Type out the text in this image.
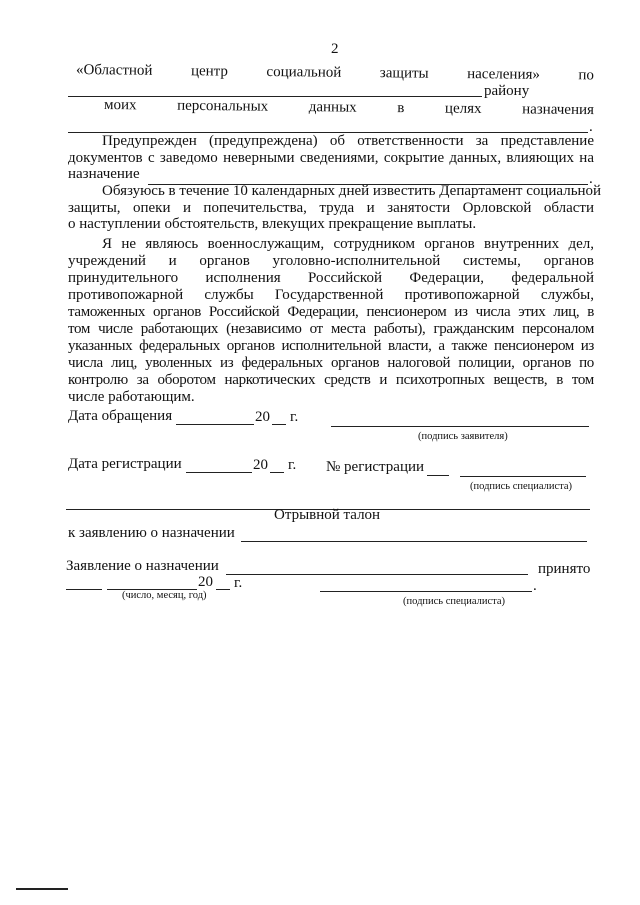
2
«Областной	центр	социальной	защиты	населения»	по
району
моих	персональных	данных	в	целях	назначения
.
Предупрежден (предупреждена) об ответственности за представление
документов с заведомо неверными сведениями, сокрытие данных, влияющих на
назначение	.
Обязуюсь в течение 10 календарных дней известить Департамент социальной
защиты, опеки и попечительства, труда и занятости Орловской области
о наступлении обстоятельств, влекущих прекращение выплаты.
Я не являюсь военнослужащим, сотрудником органов внутренних дел,
учреждений и органов уголовно-исполнительной системы, органов
принудительного исполнения Российской Федерации, федеральной
противопожарной службы Государственной противопожарной службы,
таможенных органов Российской Федерации, пенсионером из числа этих лиц, в
том числе работающих (независимо от места работы), гражданским персоналом
указанных федеральных органов исполнительной власти, а также пенсионером из
числа лиц, уволенных из федеральных органов налоговой полиции, органов по
контролю за оборотом наркотических средств и психотропных веществ, в том
числе работающим.
Дата обращения	20 г.
(подпись заявителя)
Дата регистрации	20 г. № регистрации
(подпись специалиста)
Отрывной талон
к заявлению о назначении
Заявление о назначении	принято
20 г.
(число, месяц, год)
.
(подпись специалиста)
